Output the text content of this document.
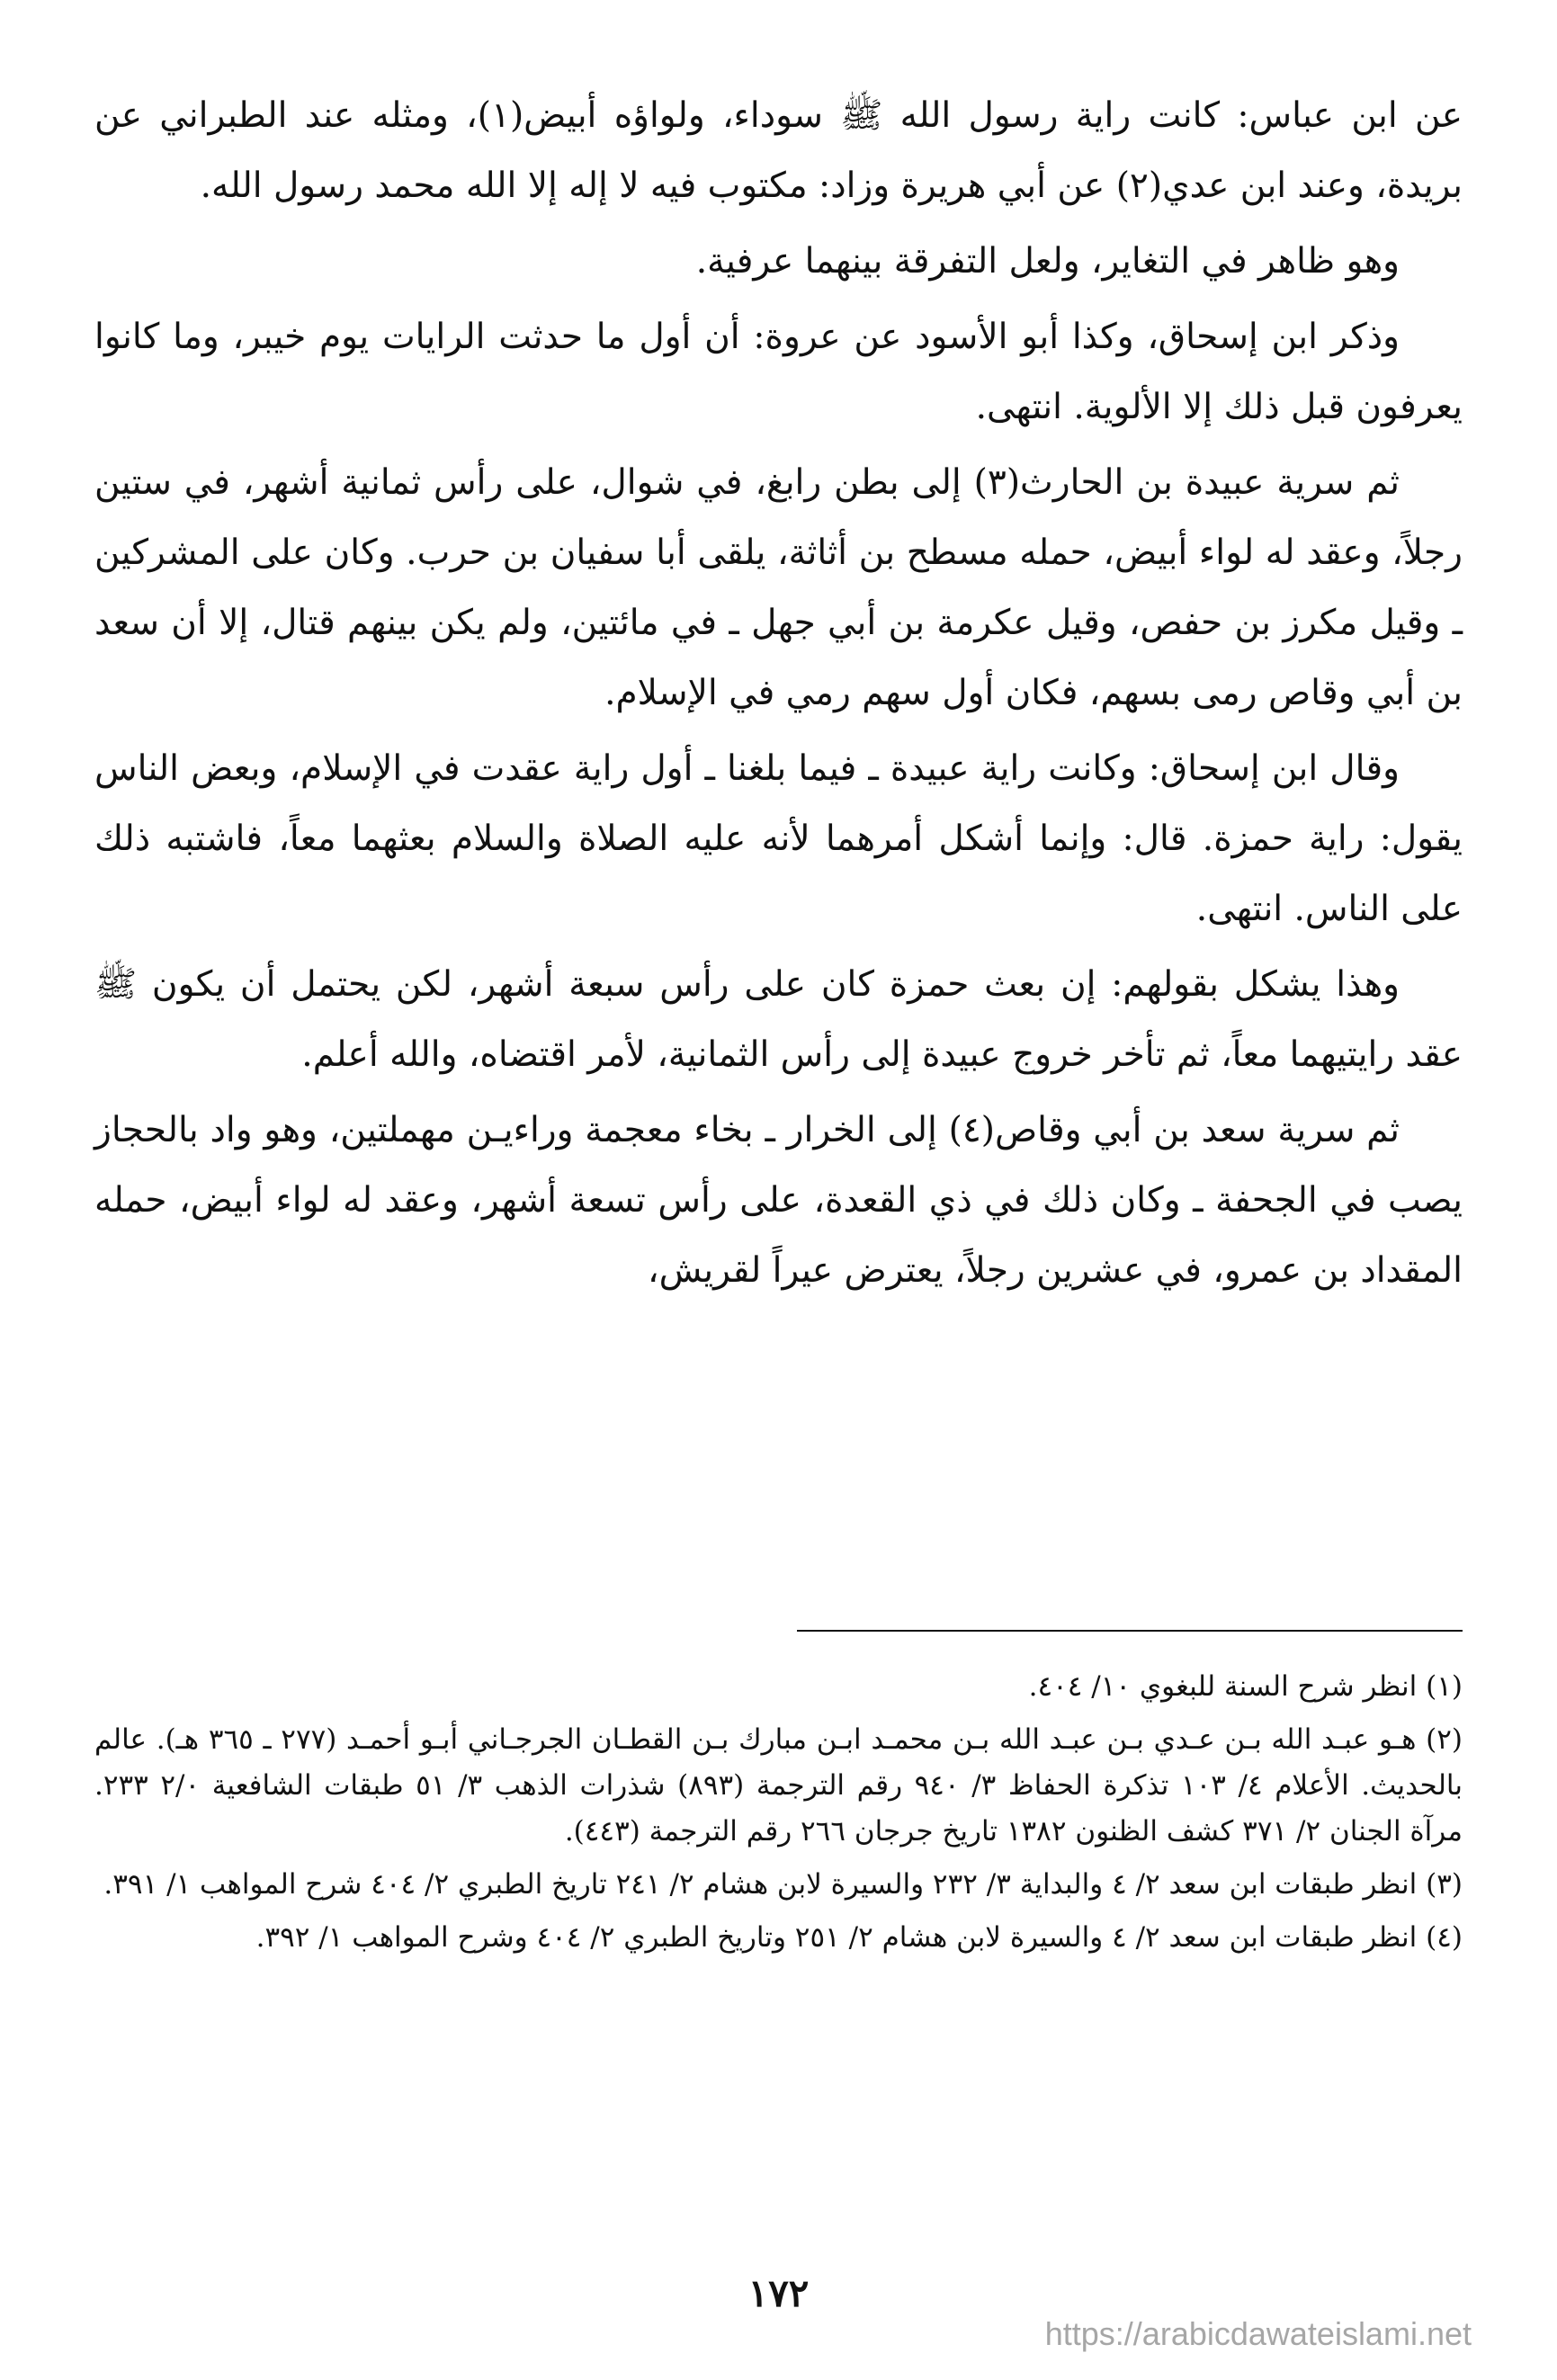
عن ابن عباس: كانت راية رسول الله ﷺ سوداء، ولواؤه أبيض(١)، ومثله عند الطبراني عن بريدة، وعند ابن عدي(٢) عن أبي هريرة وزاد: مكتوب فيه لا إله إلا الله محمد رسول الله.

وهو ظاهر في التغاير، ولعل التفرقة بينهما عرفية.

وذكر ابن إسحاق، وكذا أبو الأسود عن عروة: أن أول ما حدثت الرايات يوم خيبر، وما كانوا يعرفون قبل ذلك إلا الألوية. انتهى.

ثم سرية عبيدة بن الحارث(٣) إلى بطن رابغ، في شوال، على رأس ثمانية أشهر، في ستين رجلاً، وعقد له لواء أبيض، حمله مسطح بن أثاثة، يلقى أبا سفيان بن حرب. وكان على المشركين ـ وقيل مكرز بن حفص، وقيل عكرمة بن أبي جهل ـ في مائتين، ولم يكن بينهم قتال، إلا أن سعد بن أبي وقاص رمى بسهم، فكان أول سهم رمي في الإسلام.

وقال ابن إسحاق: وكانت راية عبيدة ـ فيما بلغنا ـ أول راية عقدت في الإسلام، وبعض الناس يقول: راية حمزة. قال: وإنما أشكل أمرهما لأنه عليه الصلاة والسلام بعثهما معاً، فاشتبه ذلك على الناس. انتهى.

وهذا يشكل بقولهم: إن بعث حمزة كان على رأس سبعة أشهر، لكن يحتمل أن يكون ﷺ عقد رايتيهما معاً، ثم تأخر خروج عبيدة إلى رأس الثمانية، لأمر اقتضاه، والله أعلم.

ثم سرية سعد بن أبي وقاص(٤) إلى الخرار ـ بخاء معجمة وراءيـن مهملتين، وهو واد بالحجاز يصب في الجحفة ـ وكان ذلك في ذي القعدة، على رأس تسعة أشهر، وعقد له لواء أبيض، حمله المقداد بن عمرو، في عشرين رجلاً، يعترض عيراً لقريش،

(١) انظر شرح السنة للبغوي ١٠/ ٤٠٤.

(٢) هـو عبـد الله بـن عـدي بـن عبـد الله بـن محمـد ابـن مبارك بـن القطـان الجرجـاني أبـو أحمـد (٢٧٧ ـ ٣٦٥ هـ). عالم بالحديث. الأعلام ٤/ ١٠٣ تذكرة الحفاظ ٣/ ٩٤٠ رقم الترجمة (٨٩٣) شذرات الذهب ٣/ ٥١ طبقات الشافعية ٢/٠ ٢٣٣. مرآة الجنان ٢/ ٣٧١ كشف الظنون ١٣٨٢ تاريخ جرجان ٢٦٦ رقم الترجمة (٤٤٣).

(٣) انظر طبقات ابن سعد ٢/ ٤ والبداية ٣/ ٢٣٢ والسيرة لابن هشام ٢/ ٢٤١ تاريخ الطبري ٢/ ٤٠٤ شرح المواهب ١/ ٣٩١.

(٤) انظر طبقات ابن سعد ٢/ ٤ والسيرة لابن هشام ٢/ ٢٥١ وتاريخ الطبري ٢/ ٤٠٤ وشرح المواهب ١/ ٣٩٢.

١٧٢
https://arabicdawateislami.net
